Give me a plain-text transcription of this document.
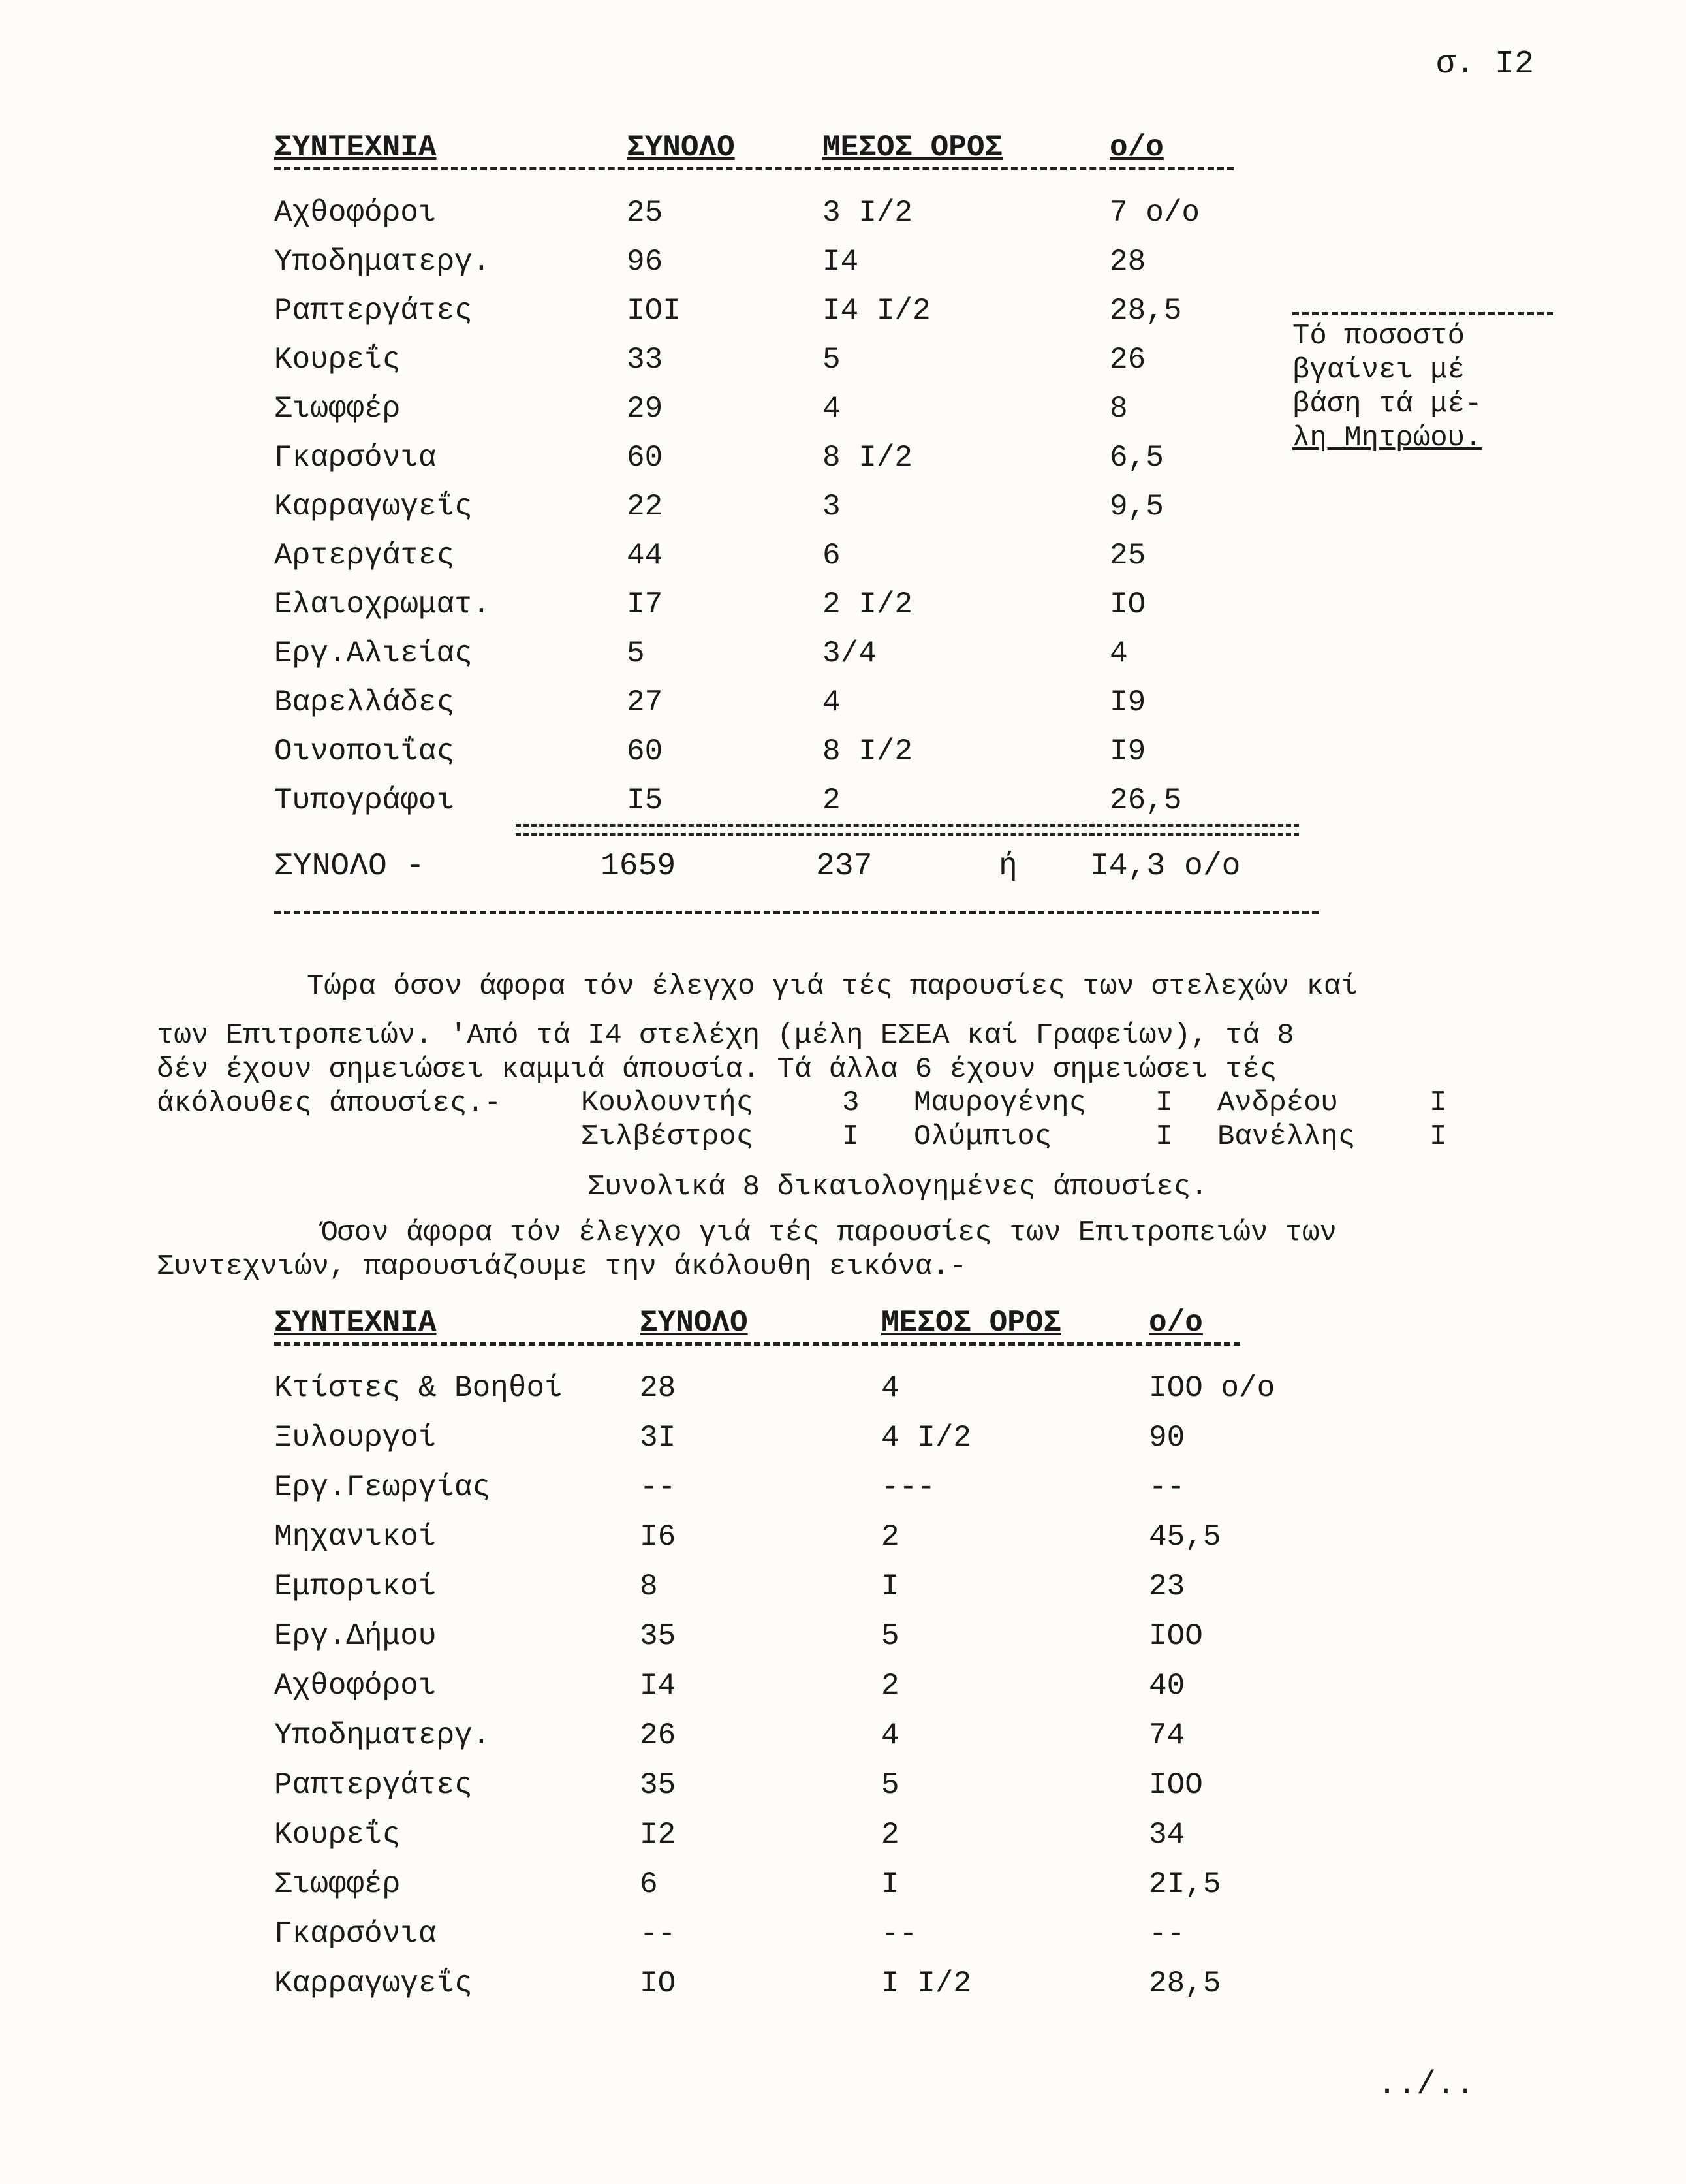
σ. Ι2
ΣΥΝΤΕΧΝΙΑ	ΣΥΝΟΛΟ	ΜΕΣΟΣ ΟΡΟΣ	ο/ο
Αχθοφόροι	25	3 Ι/2	7 ο/ο
Υποδηματεργ.	96	Ι4	28
Ραπτεργάτες	ΙΟΙ	Ι4 Ι/2	28,5
Κουρεΐς	33	5	26
Σιωφφέρ	29	4	8
Γκαρσόνια	60	8 Ι/2	6,5
Καρραγωγεΐς	22	3	9,5
Αρτεργάτες	44	6	25
Ελαιοχρωματ.	Ι7	2 Ι/2	ΙΟ
Εργ.Αλιείας	5	3/4	4
Βαρελλάδες	27	4	Ι9
Οινοποιΐας	60	8 Ι/2	Ι9
Τυπογράφοι	Ι5	2	26,5
ΣΥΝΟΛΟ -	1659	237	ή Ι4,3 ο/ο
Τό ποσοστό
βγαίνει μέ
βάση τά μέ-
λη Μητρώου.
Τώρα όσον άφορα τόν έλεγχο γιά τές παρουσίες των στελεχών καί
των Επιτροπειών. 'Από τά Ι4 στελέχη (μέλη ΕΣΕΑ καί Γραφείων), τά 8
δέν έχουν σημειώσει καμμιά άπουσία. Τά άλλα 6 έχουν σημειώσει τές
άκόλουθες άπουσίες.-	Κουλουντής	3 Μαυρογένης Ι Ανδρέου	Ι
Σιλβέστρος	Ι Ολύμπιος	Ι Βανέλλης	Ι
Συνολικά 8 δικαιολογημένες άπουσίες.
Όσον άφορα τόν έλεγχο γιά τές παρουσίες των Επιτροπειών των
Συντεχνιών, παρουσιάζουμε την άκόλουθη εικόνα.-
ΣΥΝΤΕΧΝΙΑ	ΣΥΝΟΛΟ	ΜΕΣΟΣ ΟΡΟΣ	ο/ο
Κτίστες & Βοηθοί	28	4	ΙΟΟ ο/ο
Ξυλουργοί	3Ι	4 Ι/2	90
Εργ.Γεωργίας	--	---	--
Μηχανικοί	Ι6	2	45,5
Εμπορικοί	8	Ι	23
Εργ.Δήμου	35	5	ΙΟΟ
Αχθοφόροι	Ι4	2	40
Υποδηματεργ.	26	4	74
Ραπτεργάτες	35	5	ΙΟΟ
Κουρεΐς	Ι2	2	34
Σιωφφέρ	6	Ι	2Ι,5
Γκαρσόνια	--	--	--
Καρραγωγεΐς	ΙΟ	Ι Ι/2	28,5
../..
